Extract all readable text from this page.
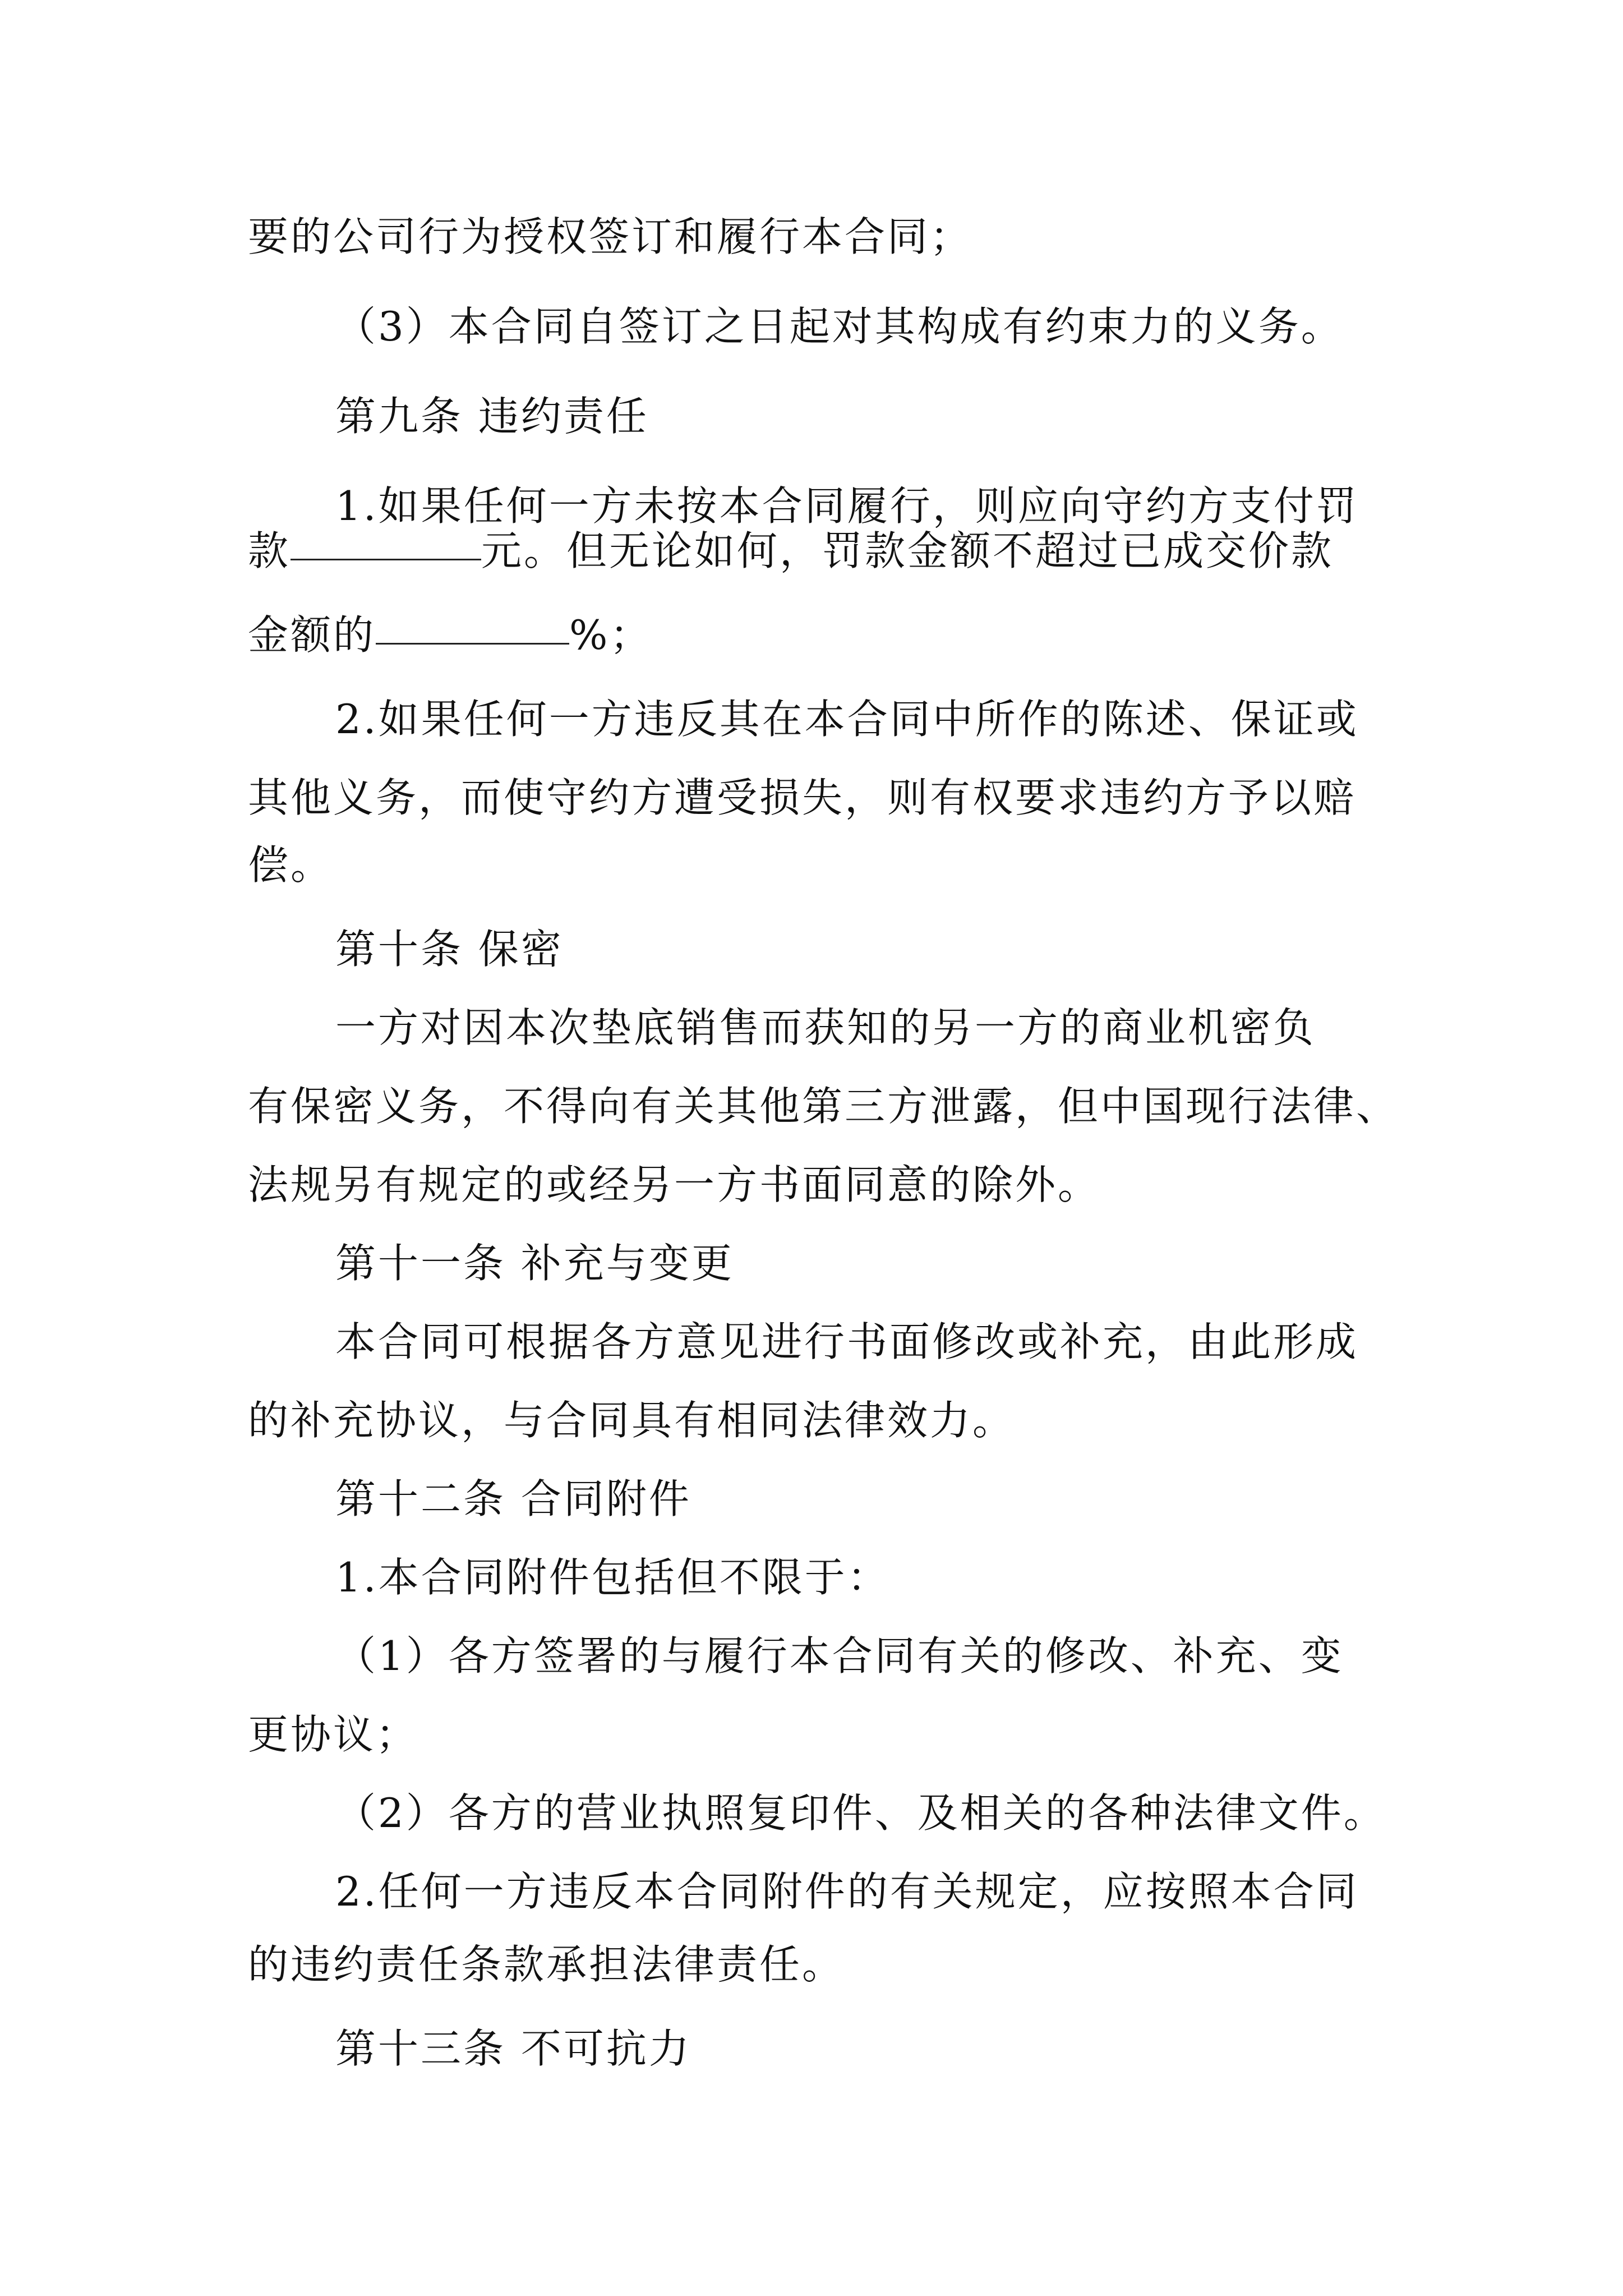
要的公司行为授权签订和履行本合同；
（3）本合同自签订之日起对其构成有约束力的义务。
第九条 违约责任
1.如果任何一方未按本合同履行，则应向守约方支付罚
款	元。但无论如何，罚款金额不超过已成交价款
金额的	%；
2.如果任何一方违反其在本合同中所作的陈述、保证或
其他义务，而使守约方遭受损失，则有权要求违约方予以赔
偿。
第十条 保密
一方对因本次垫底销售而获知的另一方的商业机密负
有保密义务，不得向有关其他第三方泄露，但中国现行法律、
法规另有规定的或经另一方书面同意的除外。
第十一条 补充与变更
本合同可根据各方意见进行书面修改或补充，由此形成
的补充协议，与合同具有相同法律效力。
第十二条 合同附件
1.本合同附件包括但不限于：
（1）各方签署的与履行本合同有关的修改、补充、变
更协议；
（2）各方的营业执照复印件、及相关的各种法律文件。
2.任何一方违反本合同附件的有关规定，应按照本合同
的违约责任条款承担法律责任。
第十三条 不可抗力
